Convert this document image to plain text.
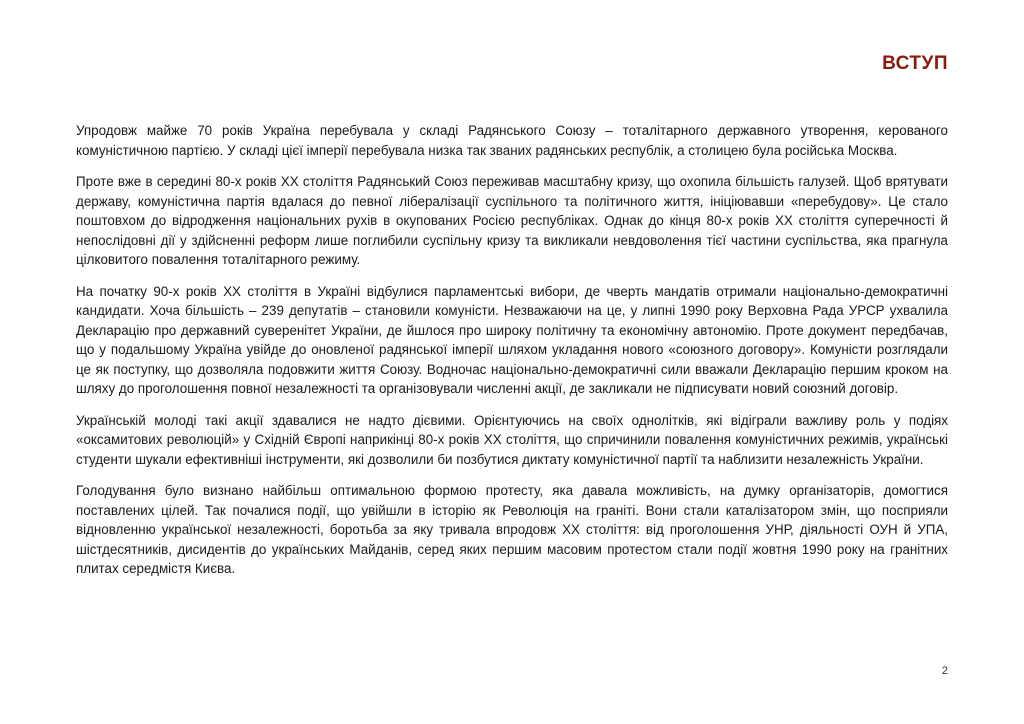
ВСТУП

Упродовж майже 70 років Україна перебувала у складі Радянського Союзу – тоталітарного державного утворення, керованого комуністичною партією. У складі цієї імперії перебувала низка так званих радянських республік, а столицею була російська Москва.

Проте вже в середині 80-х років ХХ століття Радянський Союз переживав масштабну кризу, що охопила більшість галузей. Щоб врятувати державу, комуністична партія вдалася до певної лібералізації суспільного та політичного життя, ініціювавши «перебудову». Це стало поштовхом до відродження національних рухів в окупованих Росією республіках. Однак до кінця 80-х років ХХ століття суперечності й непослідовні дії у здійсненні реформ лише поглибили суспільну кризу та викликали невдоволення тієї частини суспільства, яка прагнула цілковитого повалення тоталітарного режиму.

На початку 90-х років ХХ століття в Україні відбулися парламентські вибори, де чверть мандатів отримали національно-демократичні кандидати. Хоча більшість – 239 депутатів – становили комуністи. Незважаючи на це, у липні 1990 року Верховна Рада УРСР ухвалила Декларацію про державний суверенітет України, де йшлося про широку політичну та економічну автономію. Проте документ передбачав, що у подальшому Україна увійде до оновленої радянської імперії шляхом укладання нового «союзного договору». Комуністи розглядали це як поступку, що дозволяла подовжити життя Союзу. Водночас національно-демократичні сили вважали Декларацію першим кроком на шляху до проголошення повної незалежності та організовували численні акції, де закликали не підписувати новий союзний договір.

Українській молоді такі акції здавалися не надто дієвими. Орієнтуючись на своїх однолітків, які відіграли важливу роль у подіях «оксамитових революцій» у Східній Європі наприкінці 80-х років ХХ століття, що спричинили повалення комуністичних режимів, українські студенти шукали ефективніші інструменти, які дозволили би позбутися диктату комуністичної партії та наблизити незалежність України.

Голодування було визнано найбільш оптимальною формою протесту, яка давала можливість, на думку організаторів, домогтися поставлених цілей. Так почалися події, що увійшли в історію як Революція на граніті. Вони стали каталізатором змін, що посприяли відновленню української незалежності, боротьба за яку тривала впродовж ХХ століття: від проголошення УНР, діяльності ОУН й УПА, шістдесятників, дисидентів до українських Майданів, серед яких першим масовим протестом стали події жовтня 1990 року на гранітних плитах середмістя Києва.

2
